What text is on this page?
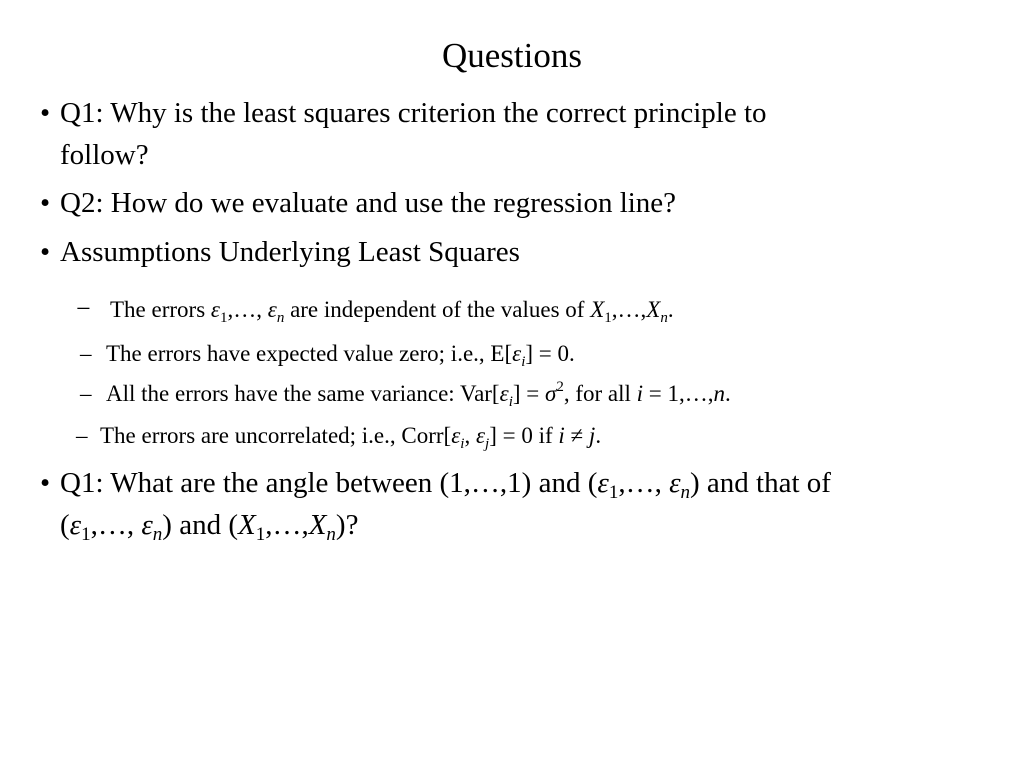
Questions
• Q1: Why is the least squares criterion the correct principle to
follow?
• Q2: How do we evaluate and use the regression line?
• Assumptions Underlying Least Squares
− The errors $\varepsilon_1,\dots$, $\varepsilon_n$ are independent of the values of $X_1,\dots,X_n$.
– The errors have expected value zero; i.e., $E[\varepsilon_i] = 0$.
– All the errors have the same variance: $Var[\varepsilon_i] = \sigma^2$, for all i = 1,…,n.
– The errors are uncorrelated; i.e., $Corr[\varepsilon_i$, $\varepsilon_j] = 0$ if i ≠ j.
• Q1: What are the angle between (1,…,1) and ($\varepsilon_1,\dots$, $\varepsilon_n$) and that of
($\varepsilon_1,\dots$, $\varepsilon_n$) and $(X_1,\dots,X_n)$?
